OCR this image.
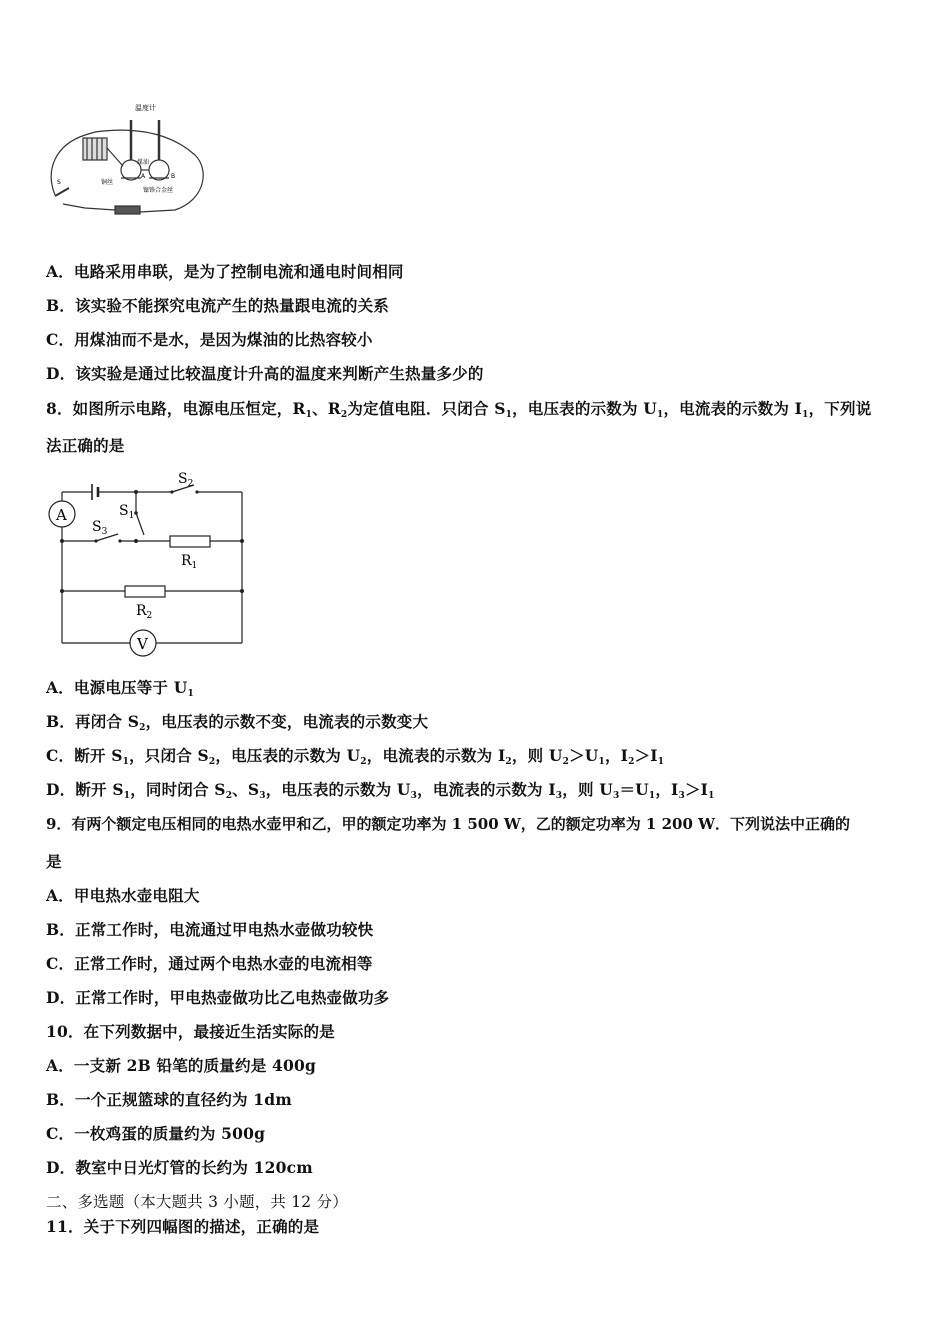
温度计
煤油
A	B
铜丝
镍铬合金丝
S
A．电路采用串联，是为了控制电流和通电时间相同
B．该实验不能探究电流产生的热量跟电流的关系
C．用煤油而不是水，是因为煤油的比热容较小
D．该实验是通过比较温度计升高的温度来判断产生热量多少的
8．如图所示电路，电源电压恒定，$R_1$、$R_2$为定值电阻．只闭合 $S_1$，电压表的示数为 $U_1$，电流表的示数为 $I_1$，下列说
法正确的是
A
V
$S_2$
$S_1$
$S_3$
$R_1$
$R_2$
A．电源电压等于 $U_1$
B．再闭合 $S_2$，电压表的示数不变，电流表的示数变大
C．断开 $S_1$，只闭合 $S_2$，电压表的示数为 $U_2$，电流表的示数为 $I_2$，则 $U_2>U_1$，$I_2>I_1$
D．断开 $S_1$，同时闭合 $S_2$、$S_3$，电压表的示数为 $U_3$，电流表的示数为 $I_3$，则 $U_3=U_1$，$I_3>I_1$
9．有两个额定电压相同的电热水壶甲和乙，甲的额定功率为 1 500 W，乙的额定功率为 1 200 W．下列说法中正确的
是
A．甲电热水壶电阻大
B．正常工作时，电流通过甲电热水壶做功较快
C．正常工作时，通过两个电热水壶的电流相等
D．正常工作时，甲电热壶做功比乙电热壶做功多
10．在下列数据中，最接近生活实际的是
A．一支新 2B 铅笔的质量约是 400g
B．一个正规篮球的直径约为 1dm
C．一枚鸡蛋的质量约为 500g
D．教室中日光灯管的长约为 120cm
二、多选题（本大题共 3 小题，共 12 分）
11．关于下列四幅图的描述，正确的是
